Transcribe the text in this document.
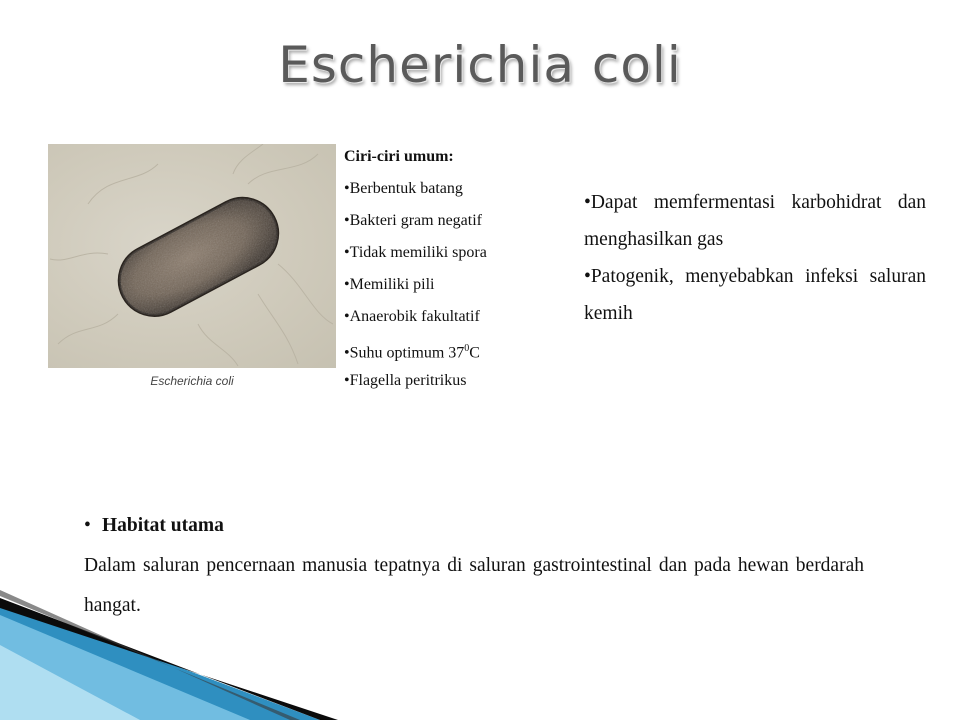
Escherichia coli
Escherichia coli
Ciri-ciri umum:
•Berbentuk batang
•Bakteri gram negatif
•Tidak memiliki spora
•Memiliki pili
•Anaerobik fakultatif
•Suhu optimum $37^0C$
•Flagella peritrikus

•Dapat memfermentasi karbohidrat dan menghasilkan gas

•Patogenik, menyebabkan infeksi saluran kemih

• Habitat utama
Dalam saluran pencernaan manusia tepatnya di saluran gastrointestinal dan pada hewan berdarah hangat.
